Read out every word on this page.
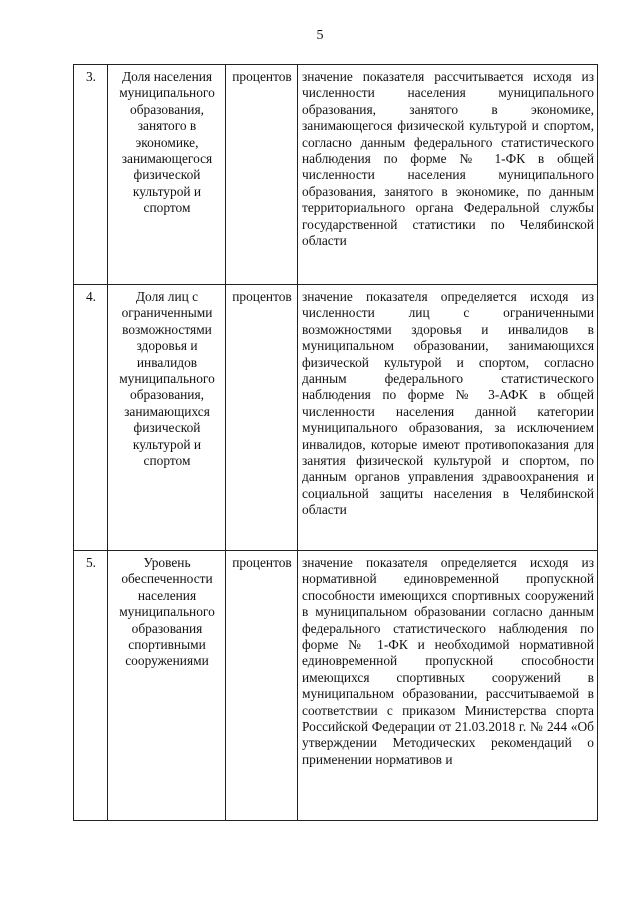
5
3.	Доля населения муниципального образования, занятого в экономике, занимающегося физической культурой и спортом	процентов	значение показателя рассчитывается исходя из численности населения муниципального образования, занятого в экономике, занимающегося физической культурой и спортом, согласно данным федерального статистического наблюдения по форме № 1-ФК в общей численности населения муниципального образования, занятого в экономике, по данным территориального органа Федеральной службы государственной статистики по Челябинской области
4.	Доля лиц с ограниченными возможностями здоровья и инвалидов муниципального образования, занимающихся физической культурой и спортом	процентов	значение показателя определяется исходя из численности лиц с ограниченными возможностями здоровья и инвалидов в муниципальном образовании, занимающихся физической культурой и спортом, согласно данным федерального статистического наблюдения по форме № 3-АФК в общей численности населения данной категории муниципального образования, за исключением инвалидов, которые имеют противопоказания для занятия физической культурой и спортом, по данным органов управления здравоохранения и социальной защиты населения в Челябинской области
5.	Уровень обеспеченности населения муниципального образования спортивными сооружениями	процентов	значение показателя определяется исходя из нормативной единовременной пропускной способности имеющихся спортивных сооружений в муниципальном образовании согласно данным федерального статистического наблюдения по форме № 1-ФК и необходимой нормативной единовременной пропускной способности имеющихся спортивных сооружений в муниципальном образовании, рассчитываемой в соответствии с приказом Министерства спорта Российской Федерации от 21.03.2018 г. № 244 «Об утверждении Методических рекомендаций о применении нормативов и
